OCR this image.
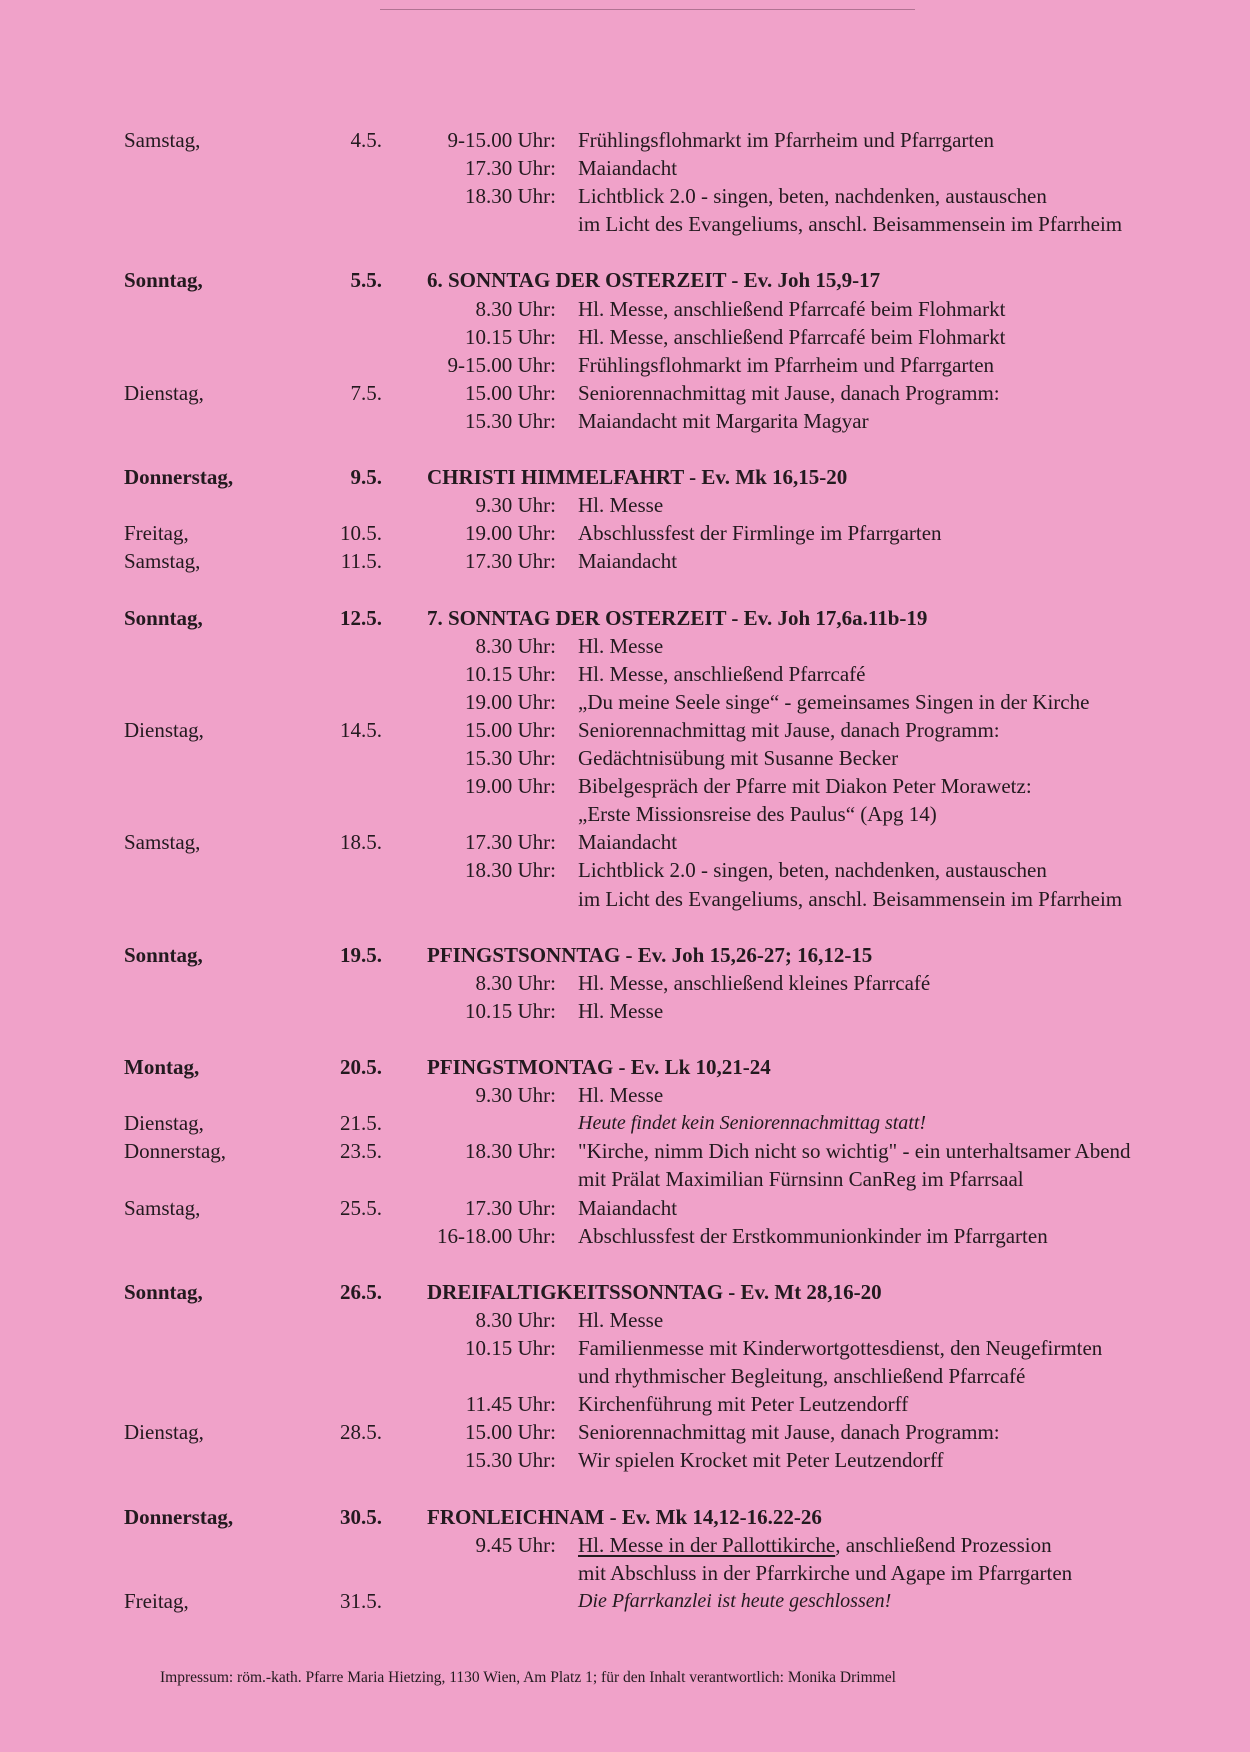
Samstag,	4.5.	9-15.00 Uhr: Frühlingsflohmarkt im Pfarrheim und Pfarrgarten
17.30 Uhr: Maiandacht
18.30 Uhr: Lichtblick 2.0 - singen, beten, nachdenken, austauschen
im Licht des Evangeliums, anschl. Beisammensein im Pfarrheim
Sonntag,	5.5. 6. SONNTAG DER OSTERZEIT - Ev. Joh 15,9-17
8.30 Uhr: Hl. Messe, anschließend Pfarrcafé beim Flohmarkt
10.15 Uhr: Hl. Messe, anschließend Pfarrcafé beim Flohmarkt
9-15.00 Uhr: Frühlingsflohmarkt im Pfarrheim und Pfarrgarten
Dienstag,	7.5.	15.00 Uhr: Seniorennachmittag mit Jause, danach Programm:
15.30 Uhr: Maiandacht mit Margarita Magyar
Donnerstag,	9.5. CHRISTI HIMMELFAHRT - Ev. Mk 16,15-20
9.30 Uhr: Hl. Messe
Freitag,	10.5.	19.00 Uhr: Abschlussfest der Firmlinge im Pfarrgarten
Samstag,	11.5.	17.30 Uhr: Maiandacht
Sonntag,	12.5. 7. SONNTAG DER OSTERZEIT - Ev. Joh 17,6a.11b-19
8.30 Uhr: Hl. Messe
10.15 Uhr: Hl. Messe, anschließend Pfarrcafé
19.00 Uhr: „Du meine Seele singe“ - gemeinsames Singen in der Kirche
Dienstag,	14.5.	15.00 Uhr: Seniorennachmittag mit Jause, danach Programm:
15.30 Uhr: Gedächtnisübung mit Susanne Becker
19.00 Uhr: Bibelgespräch der Pfarre mit Diakon Peter Morawetz:
„Erste Missionsreise des Paulus“ (Apg 14)
Samstag,	18.5.	17.30 Uhr: Maiandacht
18.30 Uhr: Lichtblick 2.0 - singen, beten, nachdenken, austauschen
im Licht des Evangeliums, anschl. Beisammensein im Pfarrheim
Sonntag,	19.5. PFINGSTSONNTAG - Ev. Joh 15,26-27; 16,12-15
8.30 Uhr: Hl. Messe, anschließend kleines Pfarrcafé
10.15 Uhr: Hl. Messe
Montag,	20.5. PFINGSTMONTAG - Ev. Lk 10,21-24
9.30 Uhr: Hl. Messe
Dienstag,	21.5.	Heute findet kein Seniorennachmittag statt!
Donnerstag,	23.5.	18.30 Uhr: "Kirche, nimm Dich nicht so wichtig" - ein unterhaltsamer Abend
mit Prälat Maximilian Fürnsinn CanReg im Pfarrsaal
Samstag,	25.5.	17.30 Uhr: Maiandacht
16-18.00 Uhr: Abschlussfest der Erstkommunionkinder im Pfarrgarten
Sonntag,	26.5. DREIFALTIGKEITSSONNTAG - Ev. Mt 28,16-20
8.30 Uhr: Hl. Messe
10.15 Uhr: Familienmesse mit Kinderwortgottesdienst, den Neugefirmten
und rhythmischer Begleitung, anschließend Pfarrcafé
11.45 Uhr: Kirchenführung mit Peter Leutzendorff
Dienstag,	28.5.	15.00 Uhr: Seniorennachmittag mit Jause, danach Programm:
15.30 Uhr: Wir spielen Krocket mit Peter Leutzendorff
Donnerstag,	30.5. FRONLEICHNAM - Ev. Mk 14,12-16.22-26
9.45 Uhr: Hl. Messe in der Pallottikirche, anschließend Prozession
mit Abschluss in der Pfarrkirche und Agape im Pfarrgarten
Freitag,	31.5.	Die Pfarrkanzlei ist heute geschlossen!
Impressum: röm.-kath. Pfarre Maria Hietzing, 1130 Wien, Am Platz 1; für den Inhalt verantwortlich: Monika Drimmel
